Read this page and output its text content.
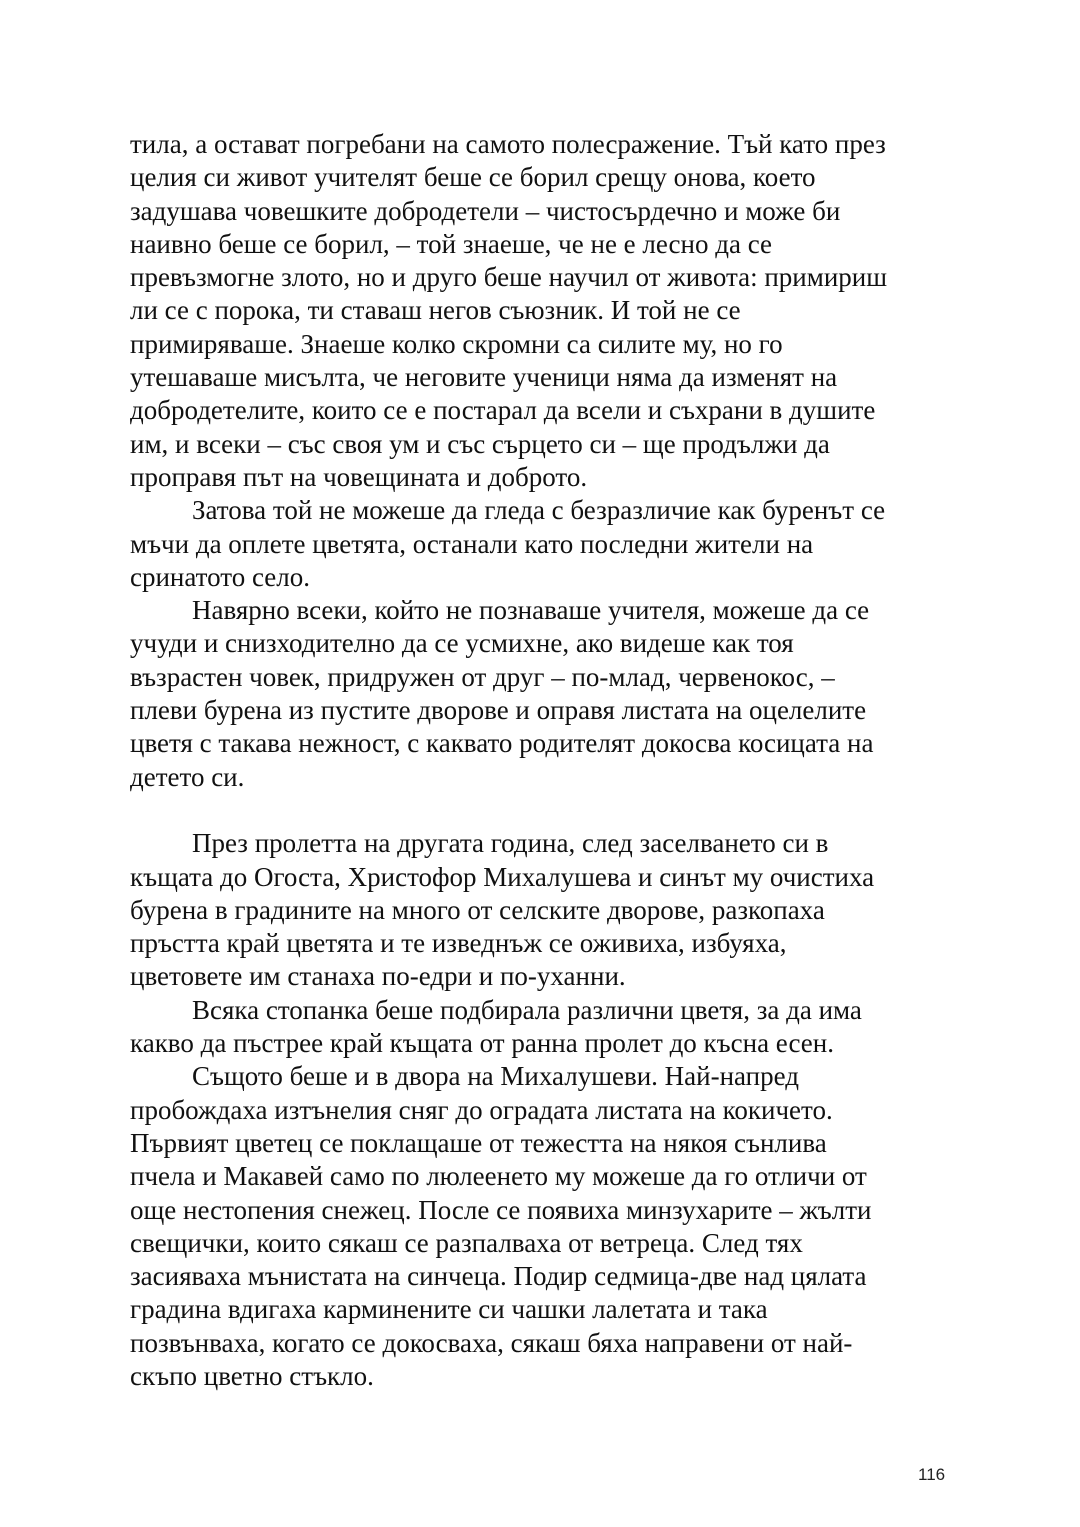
тила, а остават погребани на самото полесражение. Тъй като през
целия си живот учителят беше се борил срещу онова, което
задушава човешките добродетели – чистосърдечно и може би
наивно беше се борил, – той знаеше, че не е лесно да се
превъзмогне злото, но и друго беше научил от живота: примириш
ли се с порока, ти ставаш негов съюзник. И той не се
примиряваше. Знаеше колко скромни са силите му, но го
утешаваше мисълта, че неговите ученици няма да изменят на
добродетелите, които се е постарал да всели и съхрани в душите
им, и всеки – със своя ум и със сърцето си – ще продължи да
проправя път на човещината и доброто.
Затова той не можеше да гледа с безразличие как буренът се
мъчи да оплете цветята, останали като последни жители на
сринатото село.
Навярно всеки, който не познаваше учителя, можеше да се
учуди и снизходително да се усмихне, ако видеше как тоя
възрастен човек, придружен от друг – по-млад, червенокос, –
плеви бурена из пустите дворове и оправя листата на оцелелите
цветя с такава нежност, с каквато родителят докосва косицата на
детето си.
През пролетта на другата година, след заселването си в
къщата до Огоста, Христофор Михалушева и синът му очистиха
бурена в градините на много от селските дворове, разкопаха
пръстта край цветята и те изведнъж се оживиха, избуяха,
цветовете им станаха по-едри и по-уханни.
Всяка стопанка беше подбирала различни цветя, за да има
какво да пъстрее край къщата от ранна пролет до късна есен.
Същото беше и в двора на Михалушеви. Най-напред
пробождаха изтънелия сняг до оградата листата на кокичето.
Първият цветец се поклащаше от тежестта на някоя сънлива
пчела и Макавей само по люлеенето му можеше да го отличи от
още нестопения снежец. После се появиха минзухарите – жълти
свещички, които сякаш се разпалваха от ветреца. След тях
засияваха мънистата на синчеца. Подир седмица-две над цялата
градина вдигаха карминените си чашки лалетата и така
позвънваха, когато се докосваха, сякаш бяха направени от най-
скъпо цветно стъкло.
116
